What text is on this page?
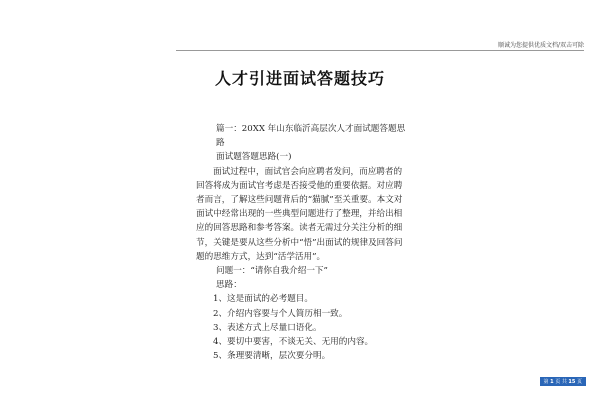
顺诚为您提供优质文档/双击可除
人才引进面试答题技巧

篇一：20XX 年山东临沂高层次人才面试题答题思路

面试题答题思路(一)

面试过程中，面试官会向应聘者发问，而应聘者的回答将成为面试官考虑是否接受他的重要依据。对应聘者而言，了解这些问题背后的“猫腻”至关重要。本文对面试中经常出现的一些典型问题进行了整理，并给出相应的回答思路和参考答案。读者无需过分关注分析的细节，关键是要从这些分析中“悟”出面试的规律及回答问题的思维方式，达到“活学活用”。

问题一：“请你自我介绍一下”

思路：

1、这是面试的必考题目。

2、介绍内容要与个人简历相一致。

3、表述方式上尽量口语化。

4、要切中要害，不谈无关、无用的内容。

5、条理要清晰，层次要分明。

第 1 页 共 15 页
